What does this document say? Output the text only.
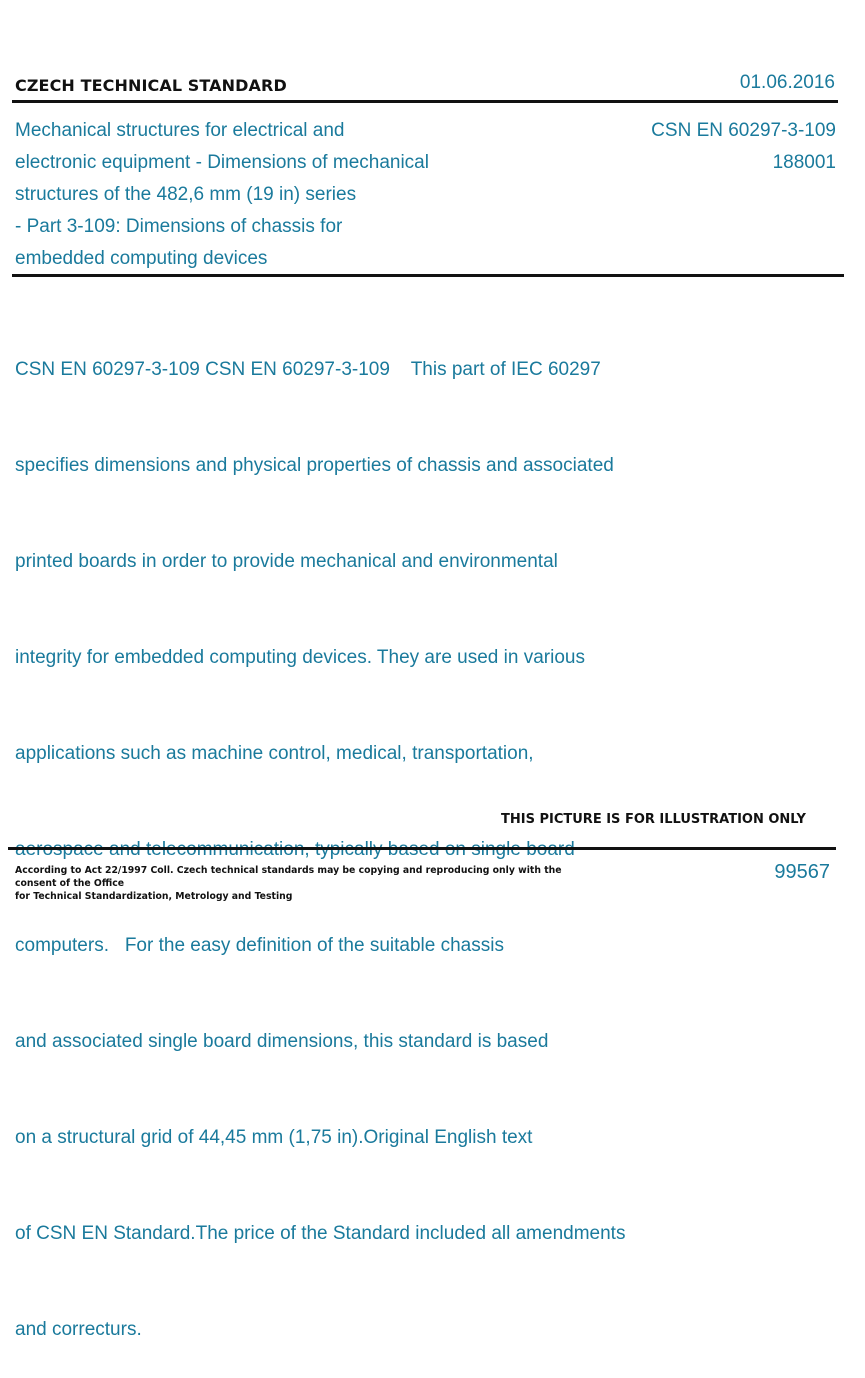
CZECH TECHNICAL STANDARD	01.06.2016
Mechanical structures for electrical and
electronic equipment - Dimensions of mechanical
structures of the 482,6 mm (19 in) series
- Part 3-109: Dimensions of chassis for
embedded computing devices
CSN EN 60297-3-109
188001

CSN EN 60297-3-109 CSN EN 60297-3-109    This part of IEC 60297

specifies dimensions and physical properties of chassis and associated

printed boards in order to provide mechanical and environmental

integrity for embedded computing devices. They are used in various

applications such as machine control, medical, transportation,

computers.   For the easy definition of the suitable chassis

and associated single board dimensions, this standard is based

on a structural grid of 44,45 mm (1,75 in).Original English text

of CSN EN Standard.The price of the Standard included all amendments

and correcturs.

THIS PICTURE IS FOR ILLUSTRATION ONLY
According to Act 22/1997 Coll. Czech technical standards may be copying and reproducing only with the consent of the Office
for Technical Standardization, Metrology and Testing
99567
